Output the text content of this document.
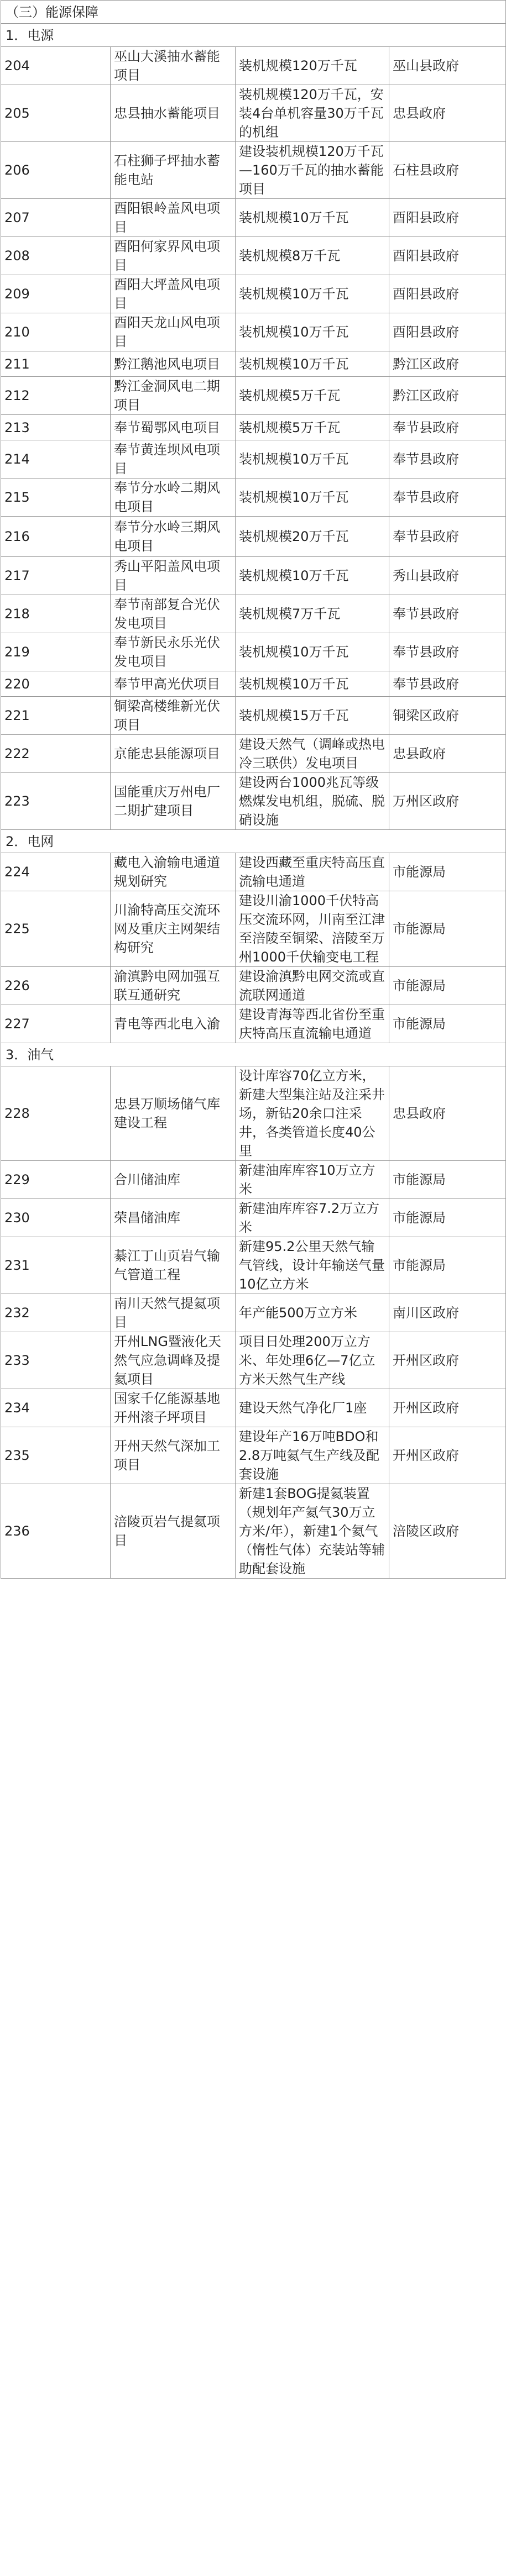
（三）能源保障			
1．电源			
204	巫山大溪抽水蓄能项目	装机规模120万千瓦	巫山县政府
205	忠县抽水蓄能项目	装机规模120万千瓦，安装4台单机容量30万千瓦的机组	忠县政府
206	石柱狮子坪抽水蓄能电站	建设装机规模120万千瓦—160万千瓦的抽水蓄能项目	石柱县政府
207	酉阳银岭盖风电项目	装机规模10万千瓦	酉阳县政府
208	酉阳何家界风电项目	装机规模8万千瓦	酉阳县政府
209	酉阳大坪盖风电项目	装机规模10万千瓦	酉阳县政府
210	酉阳天龙山风电项目	装机规模10万千瓦	酉阳县政府
211	黔江鹅池风电项目	装机规模10万千瓦	黔江区政府
212	黔江金洞风电二期项目	装机规模5万千瓦	黔江区政府
213	奉节蜀鄂风电项目	装机规模5万千瓦	奉节县政府
214	奉节黄连坝风电项目	装机规模10万千瓦	奉节县政府
215	奉节分水岭二期风电项目	装机规模10万千瓦	奉节县政府
216	奉节分水岭三期风电项目	装机规模20万千瓦	奉节县政府
217	秀山平阳盖风电项目	装机规模10万千瓦	秀山县政府
218	奉节南部复合光伏发电项目	装机规模7万千瓦	奉节县政府
219	奉节新民永乐光伏发电项目	装机规模10万千瓦	奉节县政府
220	奉节甲高光伏项目	装机规模10万千瓦	奉节县政府
221	铜梁高楼维新光伏项目	装机规模15万千瓦	铜梁区政府
222	京能忠县能源项目	建设天然气（调峰或热电冷三联供）发电项目	忠县政府
223	国能重庆万州电厂二期扩建项目	建设两台1000兆瓦等级燃煤发电机组，脱硫、脱硝设施	万州区政府
2．电网			
224	藏电入渝输电通道规划研究	建设西藏至重庆特高压直流输电通道	市能源局
225	川渝特高压交流环网及重庆主网架结构研究	建设川渝1000千伏特高压交流环网，川南至江津至涪陵至铜梁、涪陵至万州1000千伏输变电工程	市能源局
226	渝滇黔电网加强互联互通研究	建设渝滇黔电网交流或直流联网通道	市能源局
227	青电等西北电入渝	建设青海等西北省份至重庆特高压直流输电通道	市能源局
3．油气			
228	忠县万顺场储气库建设工程	设计库容70亿立方米，新建大型集注站及注采井场，新钻20余口注采井，各类管道长度40公里	忠县政府
229	合川储油库	新建油库库容10万立方米	市能源局
230	荣昌储油库	新建油库库容7.2万立方米	市能源局
231	綦江丁山页岩气输气管道工程	新建95.2公里天然气输气管线，设计年输送气量10亿立方米	市能源局
232	南川天然气提氦项目	年产能500万立方米	南川区政府
233	开州LNG暨液化天然气应急调峰及提氦项目	项目日处理200万立方米、年处理6亿—7亿立方米天然气生产线	开州区政府
234	国家千亿能源基地开州滚子坪项目	建设天然气净化厂1座	开州区政府
235	开州天然气深加工项目	建设年产16万吨BDO和2.8万吨氦气生产线及配套设施	开州区政府
236	涪陵页岩气提氦项目	新建1套BOG提氦装置（规划年产氦气30万立方米/年），新建1个氦气（惰性气体）充装站等辅助配套设施	涪陵区政府
